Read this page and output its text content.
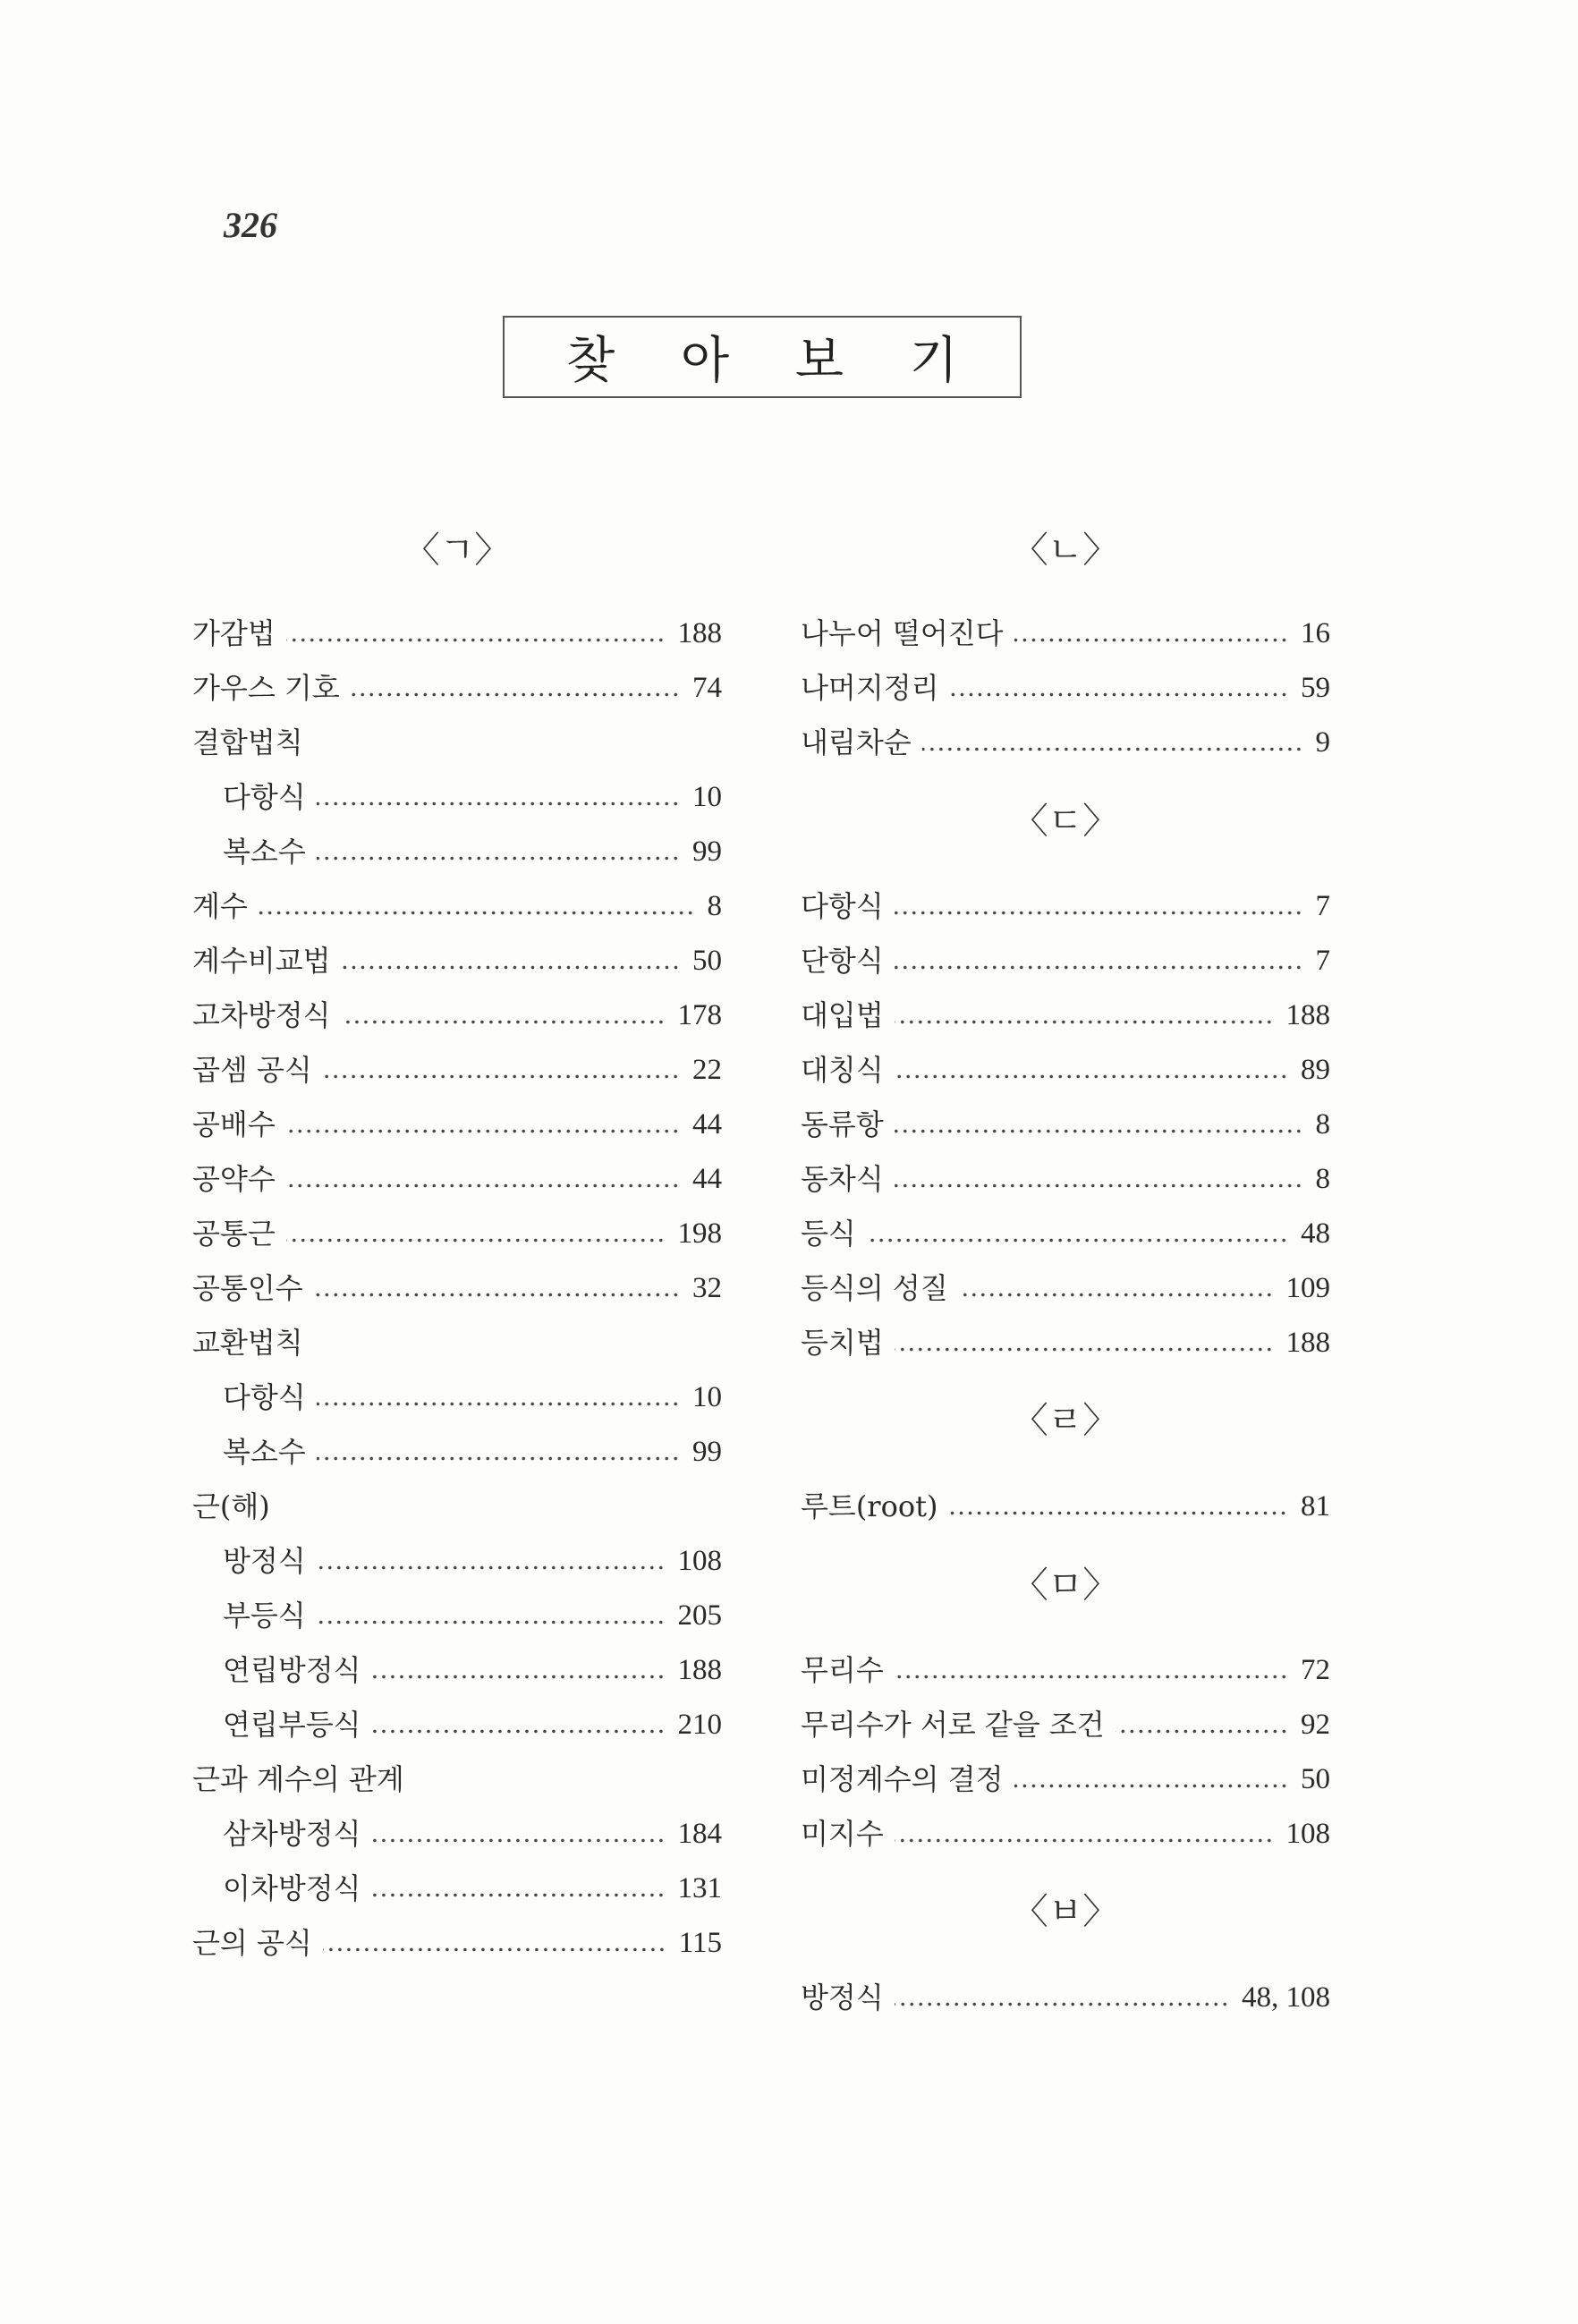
326
찾 아 보 기
〈ㄱ〉
가감법	188
가우스 기호	74
결합법칙
다항식	10
복소수	99
계수	8
계수비교법	50
고차방정식	178
곱셈 공식	22
공배수	44
공약수	44
공통근	198
공통인수	32
교환법칙
다항식	10
복소수	99
근(해)
방정식	108
부등식	205
연립방정식	188
연립부등식	210
근과 계수의 관계
삼차방정식	184
이차방정식	131
근의 공식	115
〈ㄴ〉
나누어 떨어진다	16
나머지정리	59
내림차순	9
〈ㄷ〉
다항식	7
단항식	7
대입법	188
대칭식	89
동류항	8
동차식	8
등식	48
등식의 성질	109
등치법	188
〈ㄹ〉
루트(root)	81
〈ㅁ〉
무리수	72
무리수가 서로 같을 조건	92
미정계수의 결정	50
미지수	108
〈ㅂ〉
방정식	48, 108
